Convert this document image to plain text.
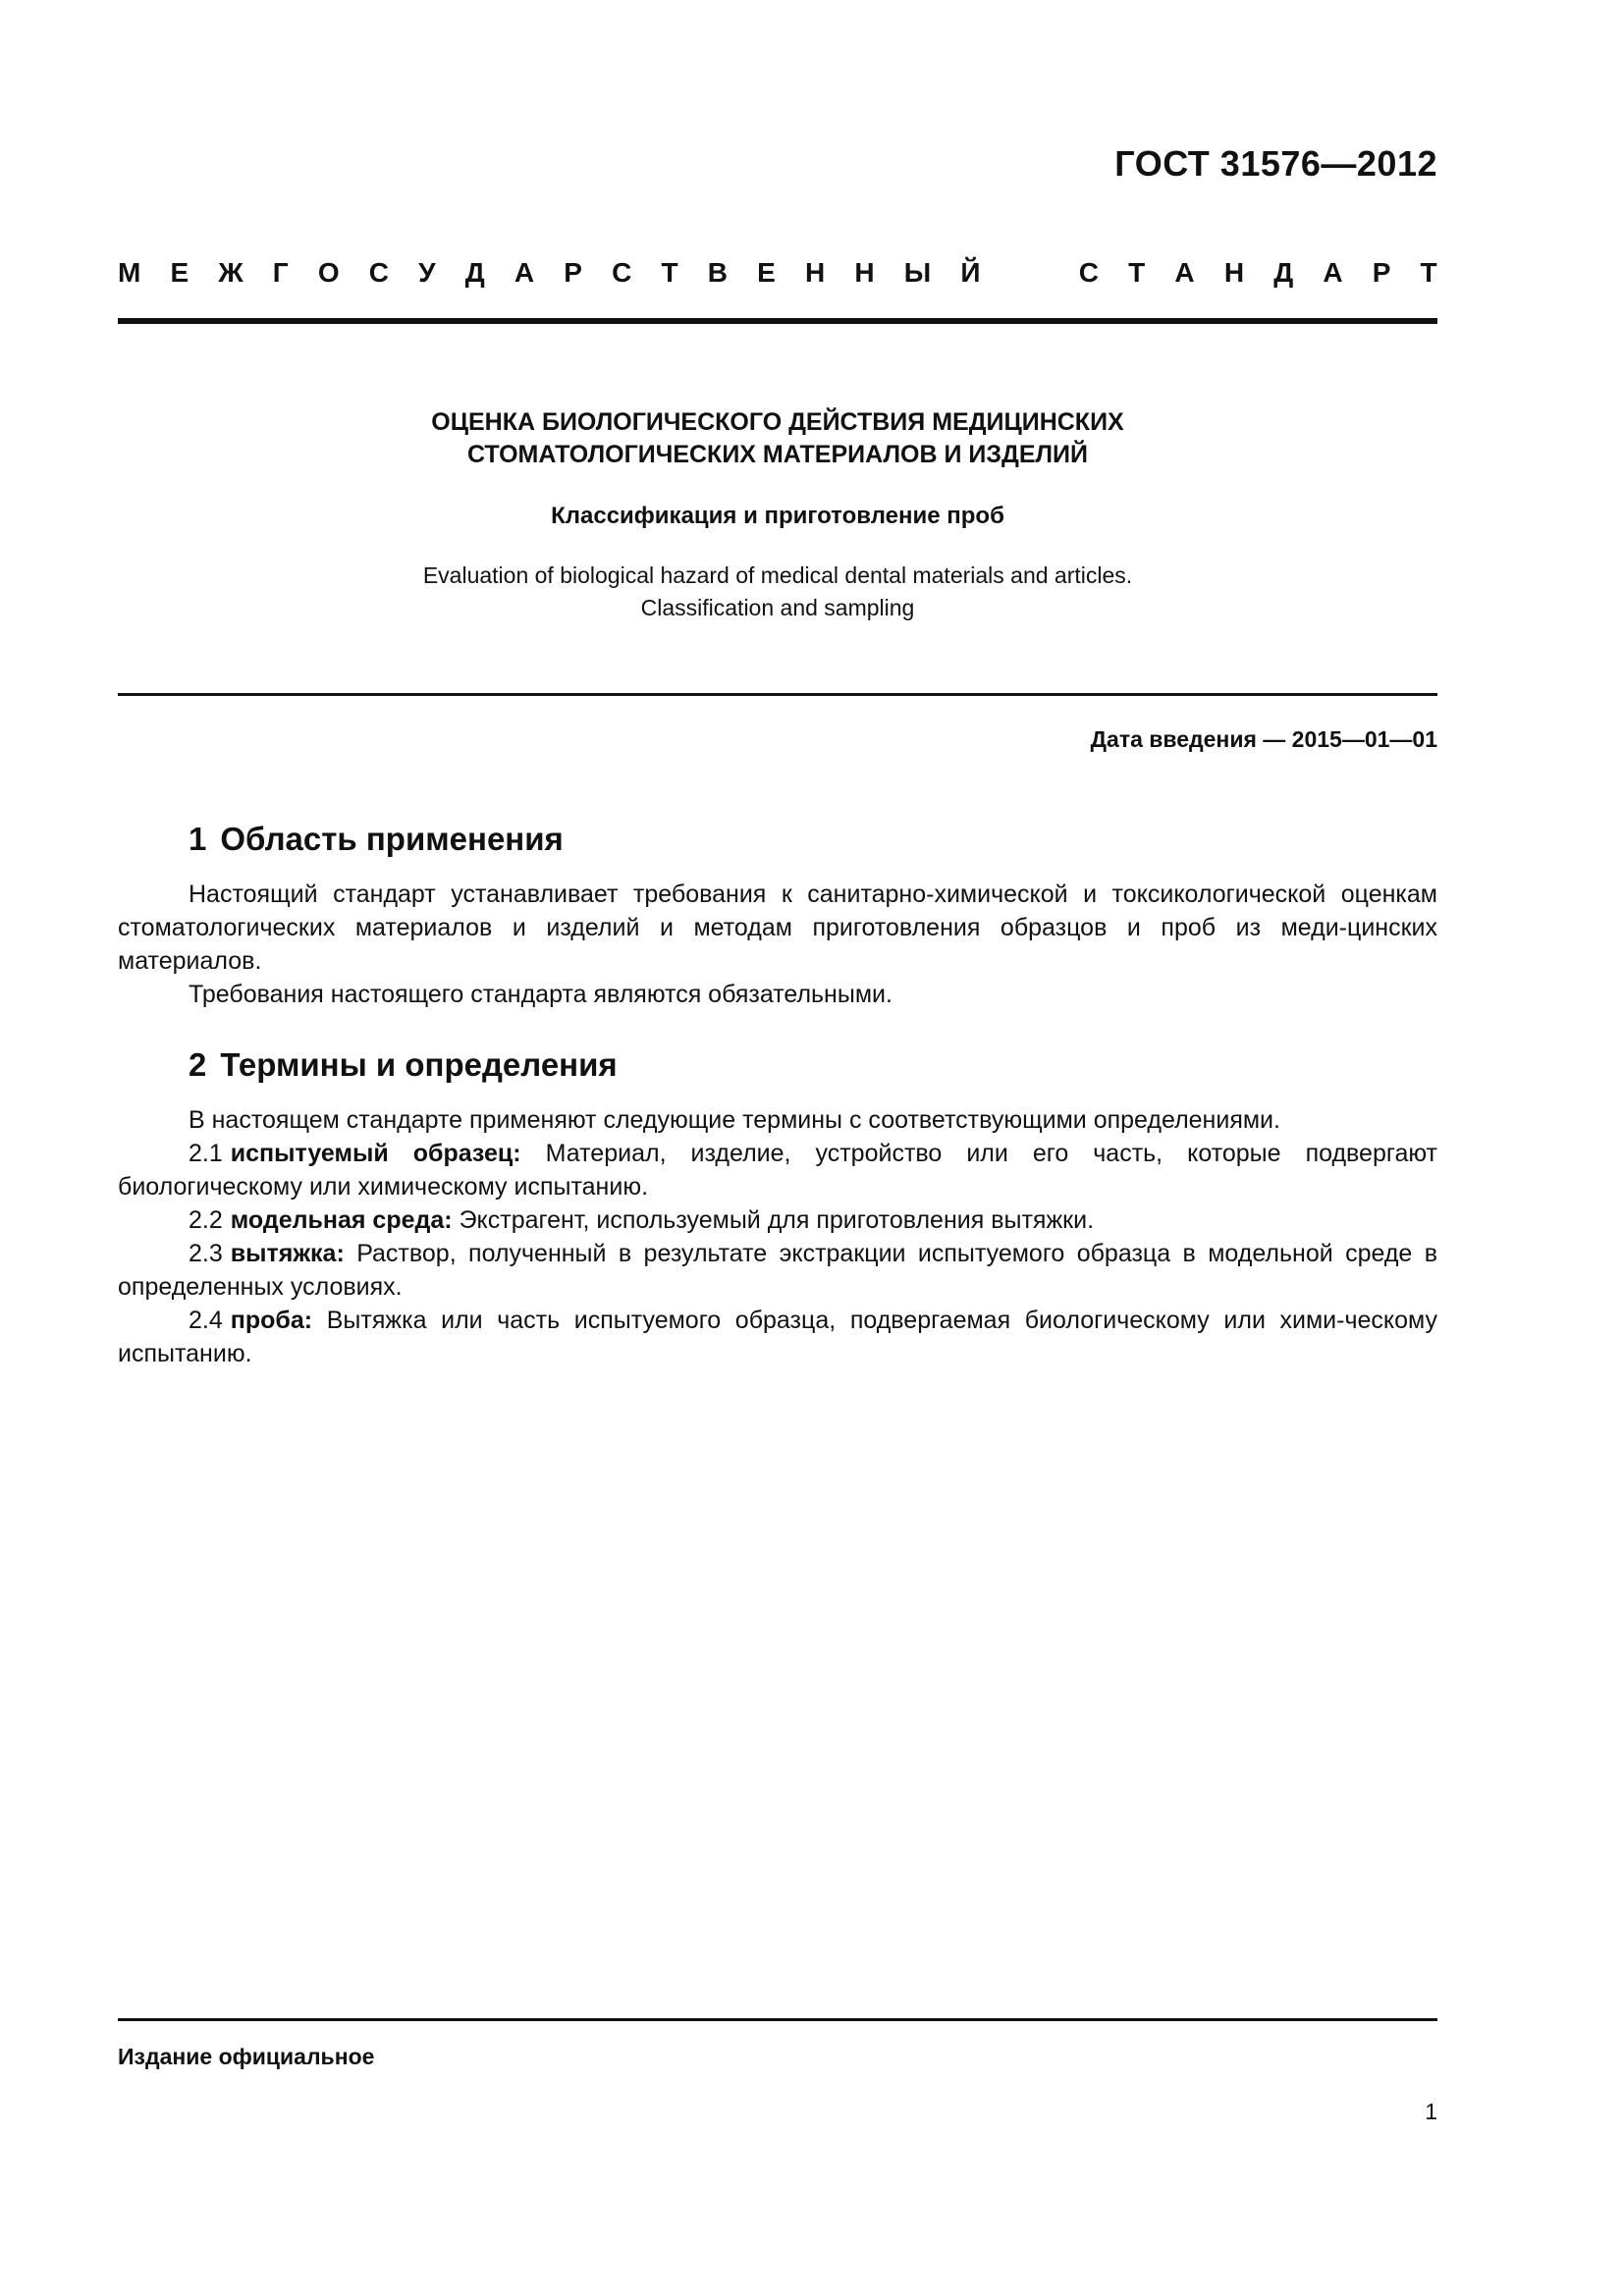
ГОСТ 31576—2012
М Е Ж Г О С У Д А Р С Т В Е Н Н Ы Й	С Т А Н Д А Р Т
ОЦЕНКА БИОЛОГИЧЕСКОГО ДЕЙСТВИЯ МЕДИЦИНСКИХ
СТОМАТОЛОГИЧЕСКИХ МАТЕРИАЛОВ И ИЗДЕЛИЙ
Классификация и приготовление проб
Evaluation of biological hazard of medical dental materials and articles.
Classification and sampling
Дата введения — 2015—01—01
1 Область применения

Настоящий стандарт устанавливает требования к санитарно-химической и токсикологической оценкам стоматологических материалов и изделий и методам приготовления образцов и проб из меди-цинских материалов.

Требования настоящего стандарта являются обязательными.

2 Термины и определения

В настоящем стандарте применяют следующие термины с соответствующими определениями.

2.1 испытуемый образец: Материал, изделие, устройство или его часть, которые подвергают биологическому или химическому испытанию.

2.2 модельная среда: Экстрагент, используемый для приготовления вытяжки.

2.3 вытяжка: Раствор, полученный в результате экстракции испытуемого образца в модельной среде в определенных условиях.

2.4 проба: Вытяжка или часть испытуемого образца, подвергаемая биологическому или хими-ческому испытанию.

Издание официальное
1
